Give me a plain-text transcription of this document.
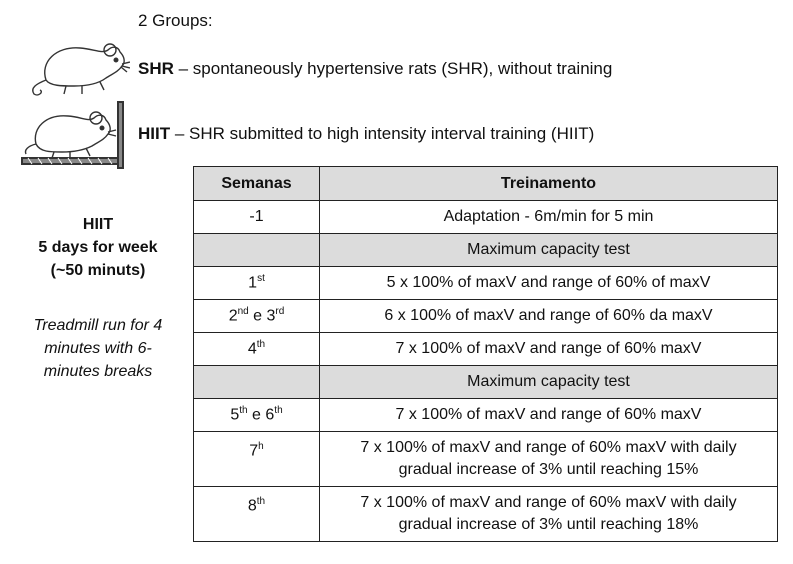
2 Groups:
SHR – spontaneously hypertensive rats (SHR), without training
HIIT – SHR submitted to high intensity interval training (HIIT)
HIIT
5 days for week
(~50 minuts)
Treadmill run for 4
minutes with 6-
minutes breaks
Semanas	Treinamento
-1	Adaptation - 6m/min for 5 min
	Maximum capacity test
1st	5 x 100% of maxV and range of 60% of maxV
2nd e 3rd	6 x 100% of maxV and range of 60% da maxV
4th	7 x 100% of maxV and range of 60% maxV
	Maximum capacity test
5th e 6th	7 x 100% of maxV and range of 60% maxV
7$^h$	7 x 100% of maxV and range of 60% maxV with daily
gradual increase of 3% until reaching 15%

8th	7 x 100% of maxV and range of 60% maxV with daily
gradual increase of 3% until reaching 18%
